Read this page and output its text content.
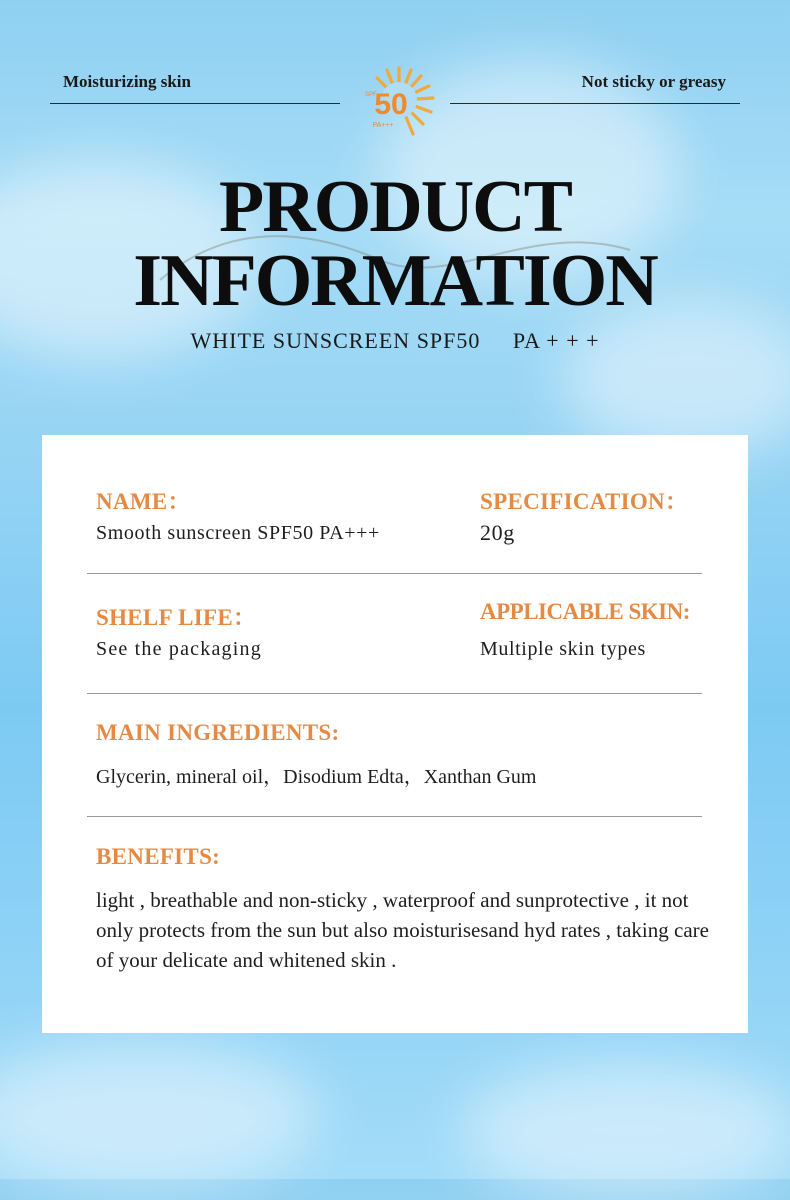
Moisturizing skin	Not sticky or greasy
50
PA+++
SPF
PRODUCT
INFORMATION
WHITE SUNSCREEN SPF50     PA + + +
NAME：
Smooth sunscreen SPF50 PA+++
SPECIFICATION：
20g
SHELF LIFE：
See the packaging
APPLICABLE SKIN:
Multiple skin types
MAIN INGREDIENTS:
Glycerin, mineral oil，Disodium Edta，Xanthan Gum
BENEFITS:
light , breathable and non-sticky , waterproof and sunprotective , it not only protects from the sun but also moisturisesand hyd rates , taking care of your delicate and whitened skin .
